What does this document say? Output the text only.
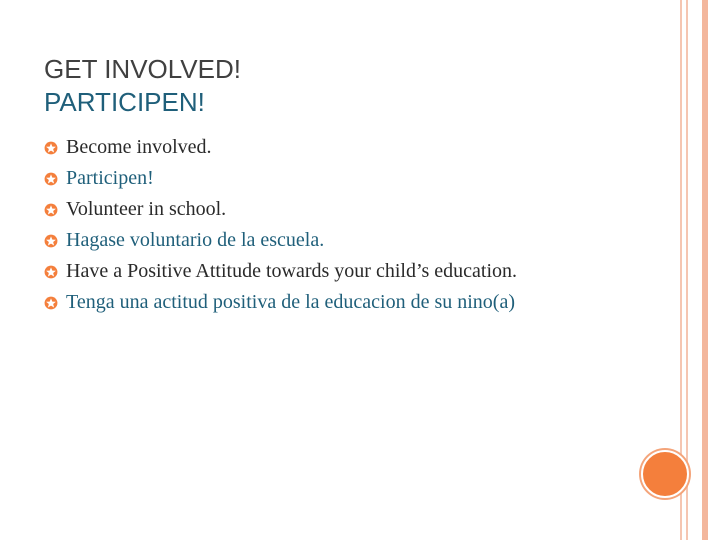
GET INVOLVED!
PARTICIPEN!
Become involved.
Participen!
Volunteer in school.
Hagase voluntario de la escuela.
Have a Positive Attitude towards your child’s education.
Tenga una actitud positiva de la educacion de su nino(a)
